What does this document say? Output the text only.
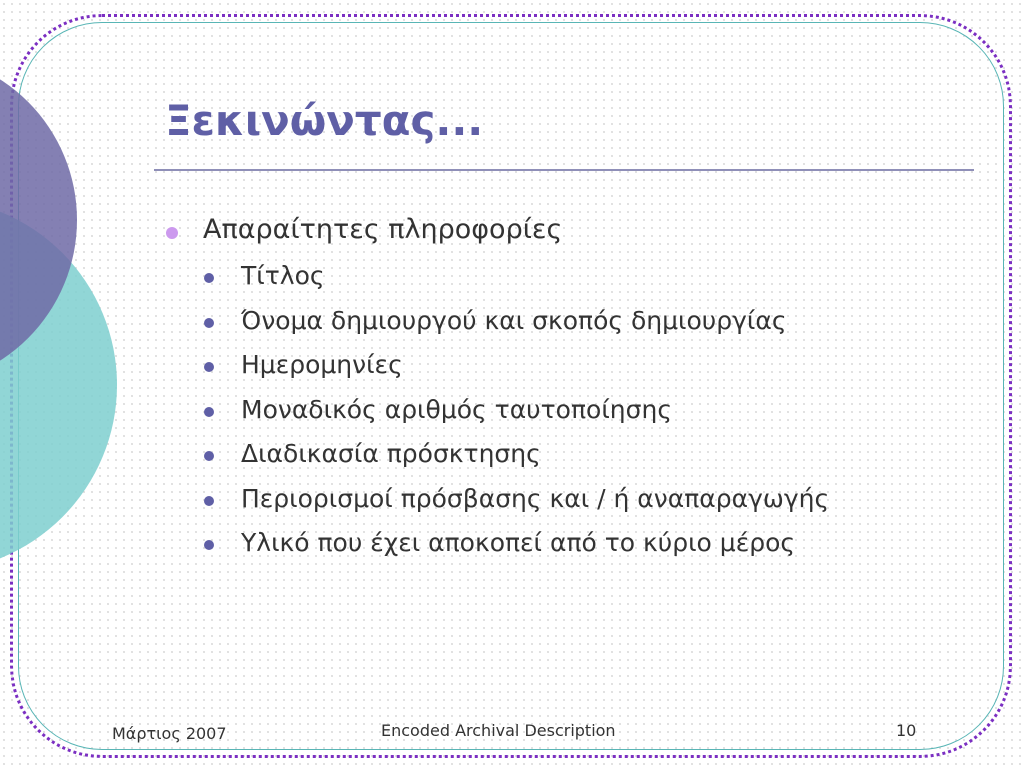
Ξεκινώντας...
Απαραίτητες πληροφορίες
Τίτλος
Όνομα δημιουργού και σκοπός δημιουργίας
Ημερομηνίες
Μοναδικός αριθμός ταυτοποίησης
Διαδικασία πρόσκτησης
Περιορισμοί πρόσβασης και / ή αναπαραγωγής
Υλικό που έχει αποκοπεί από το κύριο μέρος
Μάρτιος 2007	Encoded Archival Description	10
